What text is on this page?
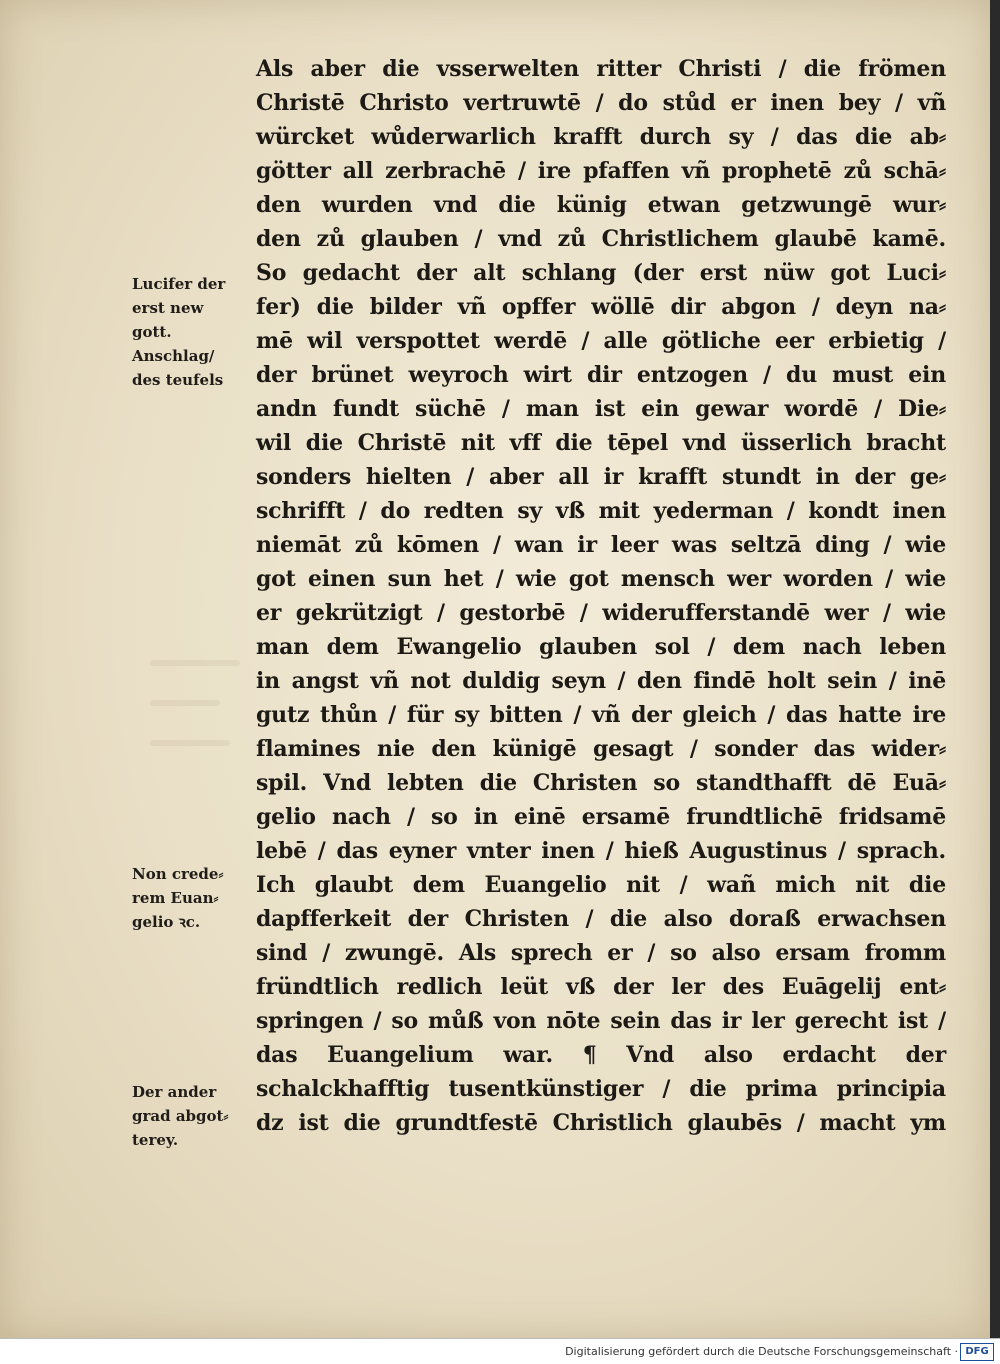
Lucifer der
erst new
gott.
Anschlag/
des teufels
Non crede⸗
rem Euan⸗
gelio ꝛc.
Der ander
grad abgot⸗
terey.
Als aber die vsserwelten ritter Christi / die frömen
Christē Christo vertruwtē / do stůd er inen bey / vñ
würcket wůderwarlich krafft durch sy / das die ab⸗
götter all zerbrachē / ire pfaffen vñ prophetē zů schā⸗
den wurden vnd die künig etwan getzwungē wur⸗
den zů glauben / vnd zů Christlichem glaubē kamē.
So gedacht der alt schlang (der erst nüw got Luci⸗
fer) die bilder vñ opffer wöllē dir abgon / deyn na⸗
mē wil verspottet werdē / alle götliche eer erbietig /
der brünet weyroch wirt dir entzogen / du must ein
andn fundt süchē / man ist ein gewar wordē / Die⸗
wil die Christē nit vff die tēpel vnd üsserlich bracht
sonders hielten / aber all ir krafft stundt in der ge⸗
schrifft / do redten sy vß mit yederman / kondt inen
niemāt zů kōmen / wan ir leer was seltzā ding / wie
got einen sun het / wie got mensch wer worden / wie
er gekrützigt / gestorbē / widerufferstandē wer / wie
man dem Ewangelio glauben sol / dem nach leben
in angst vñ not duldig seyn / den findē holt sein / inē
gutz thůn / für sy bitten / vñ der gleich / das hatte ire
flamines nie den künigē gesagt / sonder das wider⸗
spil. Vnd lebten die Christen so standthafft dē Euā⸗
gelio nach / so in einē ersamē frundtlichē fridsamē
lebē / das eyner vnter inen / hieß Augustinus / sprach.
Ich glaubt dem Euangelio nit / wañ mich nit die
dapfferkeit der Christen / die also doraß erwachsen
sind / zwungē. Als sprech er / so also ersam fromm
fründtlich redlich leüt vß der ler des Euāgelij ent⸗
springen / so můß von nōte sein das ir ler gerecht ist /
das Euangelium war. ¶ Vnd also erdacht der
schalckhafftig tusentkünstiger / die prima principia
dz ist die grundtfestē Christlich glaubēs / macht ym
Digitalisierung gefördert durch die Deutsche Forschungsgemeinschaft · DFG
